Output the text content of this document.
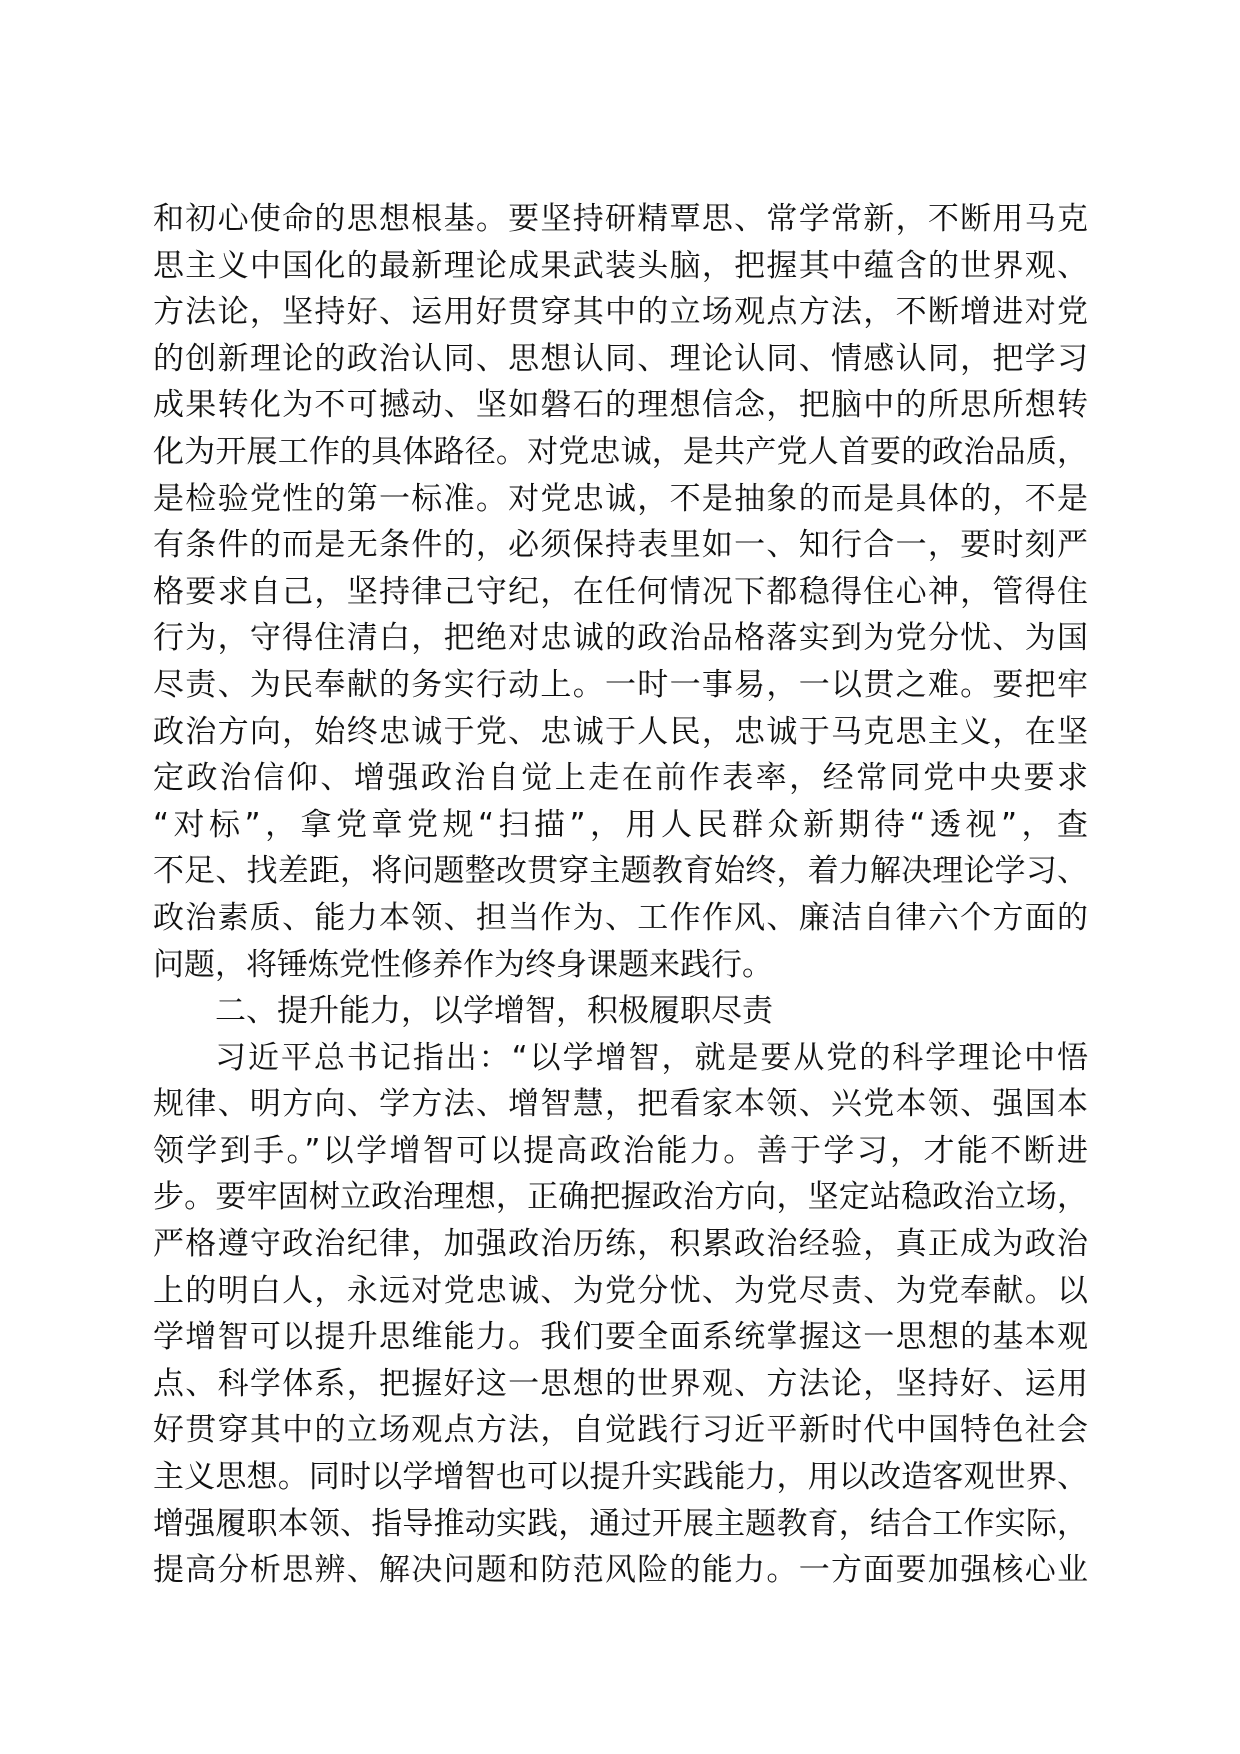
和初心使命的思想根基。要坚持研精覃思、常学常新，不断用马克
思主义中国化的最新理论成果武装头脑，把握其中蕴含的世界观、
方法论，坚持好、运用好贯穿其中的立场观点方法，不断增进对党
的创新理论的政治认同、思想认同、理论认同、情感认同，把学习
成果转化为不可撼动、坚如磐石的理想信念，把脑中的所思所想转
化为开展工作的具体路径。对党忠诚，是共产党人首要的政治品质，
是检验党性的第一标准。对党忠诚，不是抽象的而是具体的，不是
有条件的而是无条件的，必须保持表里如一、知行合一，要时刻严
格要求自己，坚持律己守纪，在任何情况下都稳得住心神，管得住
行为，守得住清白，把绝对忠诚的政治品格落实到为党分忧、为国
尽责、为民奉献的务实行动上。一时一事易，一以贯之难。要把牢
政治方向，始终忠诚于党、忠诚于人民，忠诚于马克思主义，在坚
定政治信仰、增强政治自觉上走在前作表率，经常同党中央要求
“对标”，拿党章党规“扫描”，用人民群众新期待“透视”，查
不足、找差距，将问题整改贯穿主题教育始终，着力解决理论学习、
政治素质、能力本领、担当作为、工作作风、廉洁自律六个方面的
问题，将锤炼党性修养作为终身课题来践行。
二、提升能力，以学增智，积极履职尽责
习近平总书记指出：“以学增智，就是要从党的科学理论中悟
规律、明方向、学方法、增智慧，把看家本领、兴党本领、强国本
领学到手。”以学增智可以提高政治能力。善于学习，才能不断进
步。要牢固树立政治理想，正确把握政治方向，坚定站稳政治立场，
严格遵守政治纪律，加强政治历练，积累政治经验，真正成为政治
上的明白人，永远对党忠诚、为党分忧、为党尽责、为党奉献。以
学增智可以提升思维能力。我们要全面系统掌握这一思想的基本观
点、科学体系，把握好这一思想的世界观、方法论，坚持好、运用
好贯穿其中的立场观点方法，自觉践行习近平新时代中国特色社会
主义思想。同时以学增智也可以提升实践能力，用以改造客观世界、
增强履职本领、指导推动实践，通过开展主题教育，结合工作实际，
提高分析思辨、解决问题和防范风险的能力。一方面要加强核心业
